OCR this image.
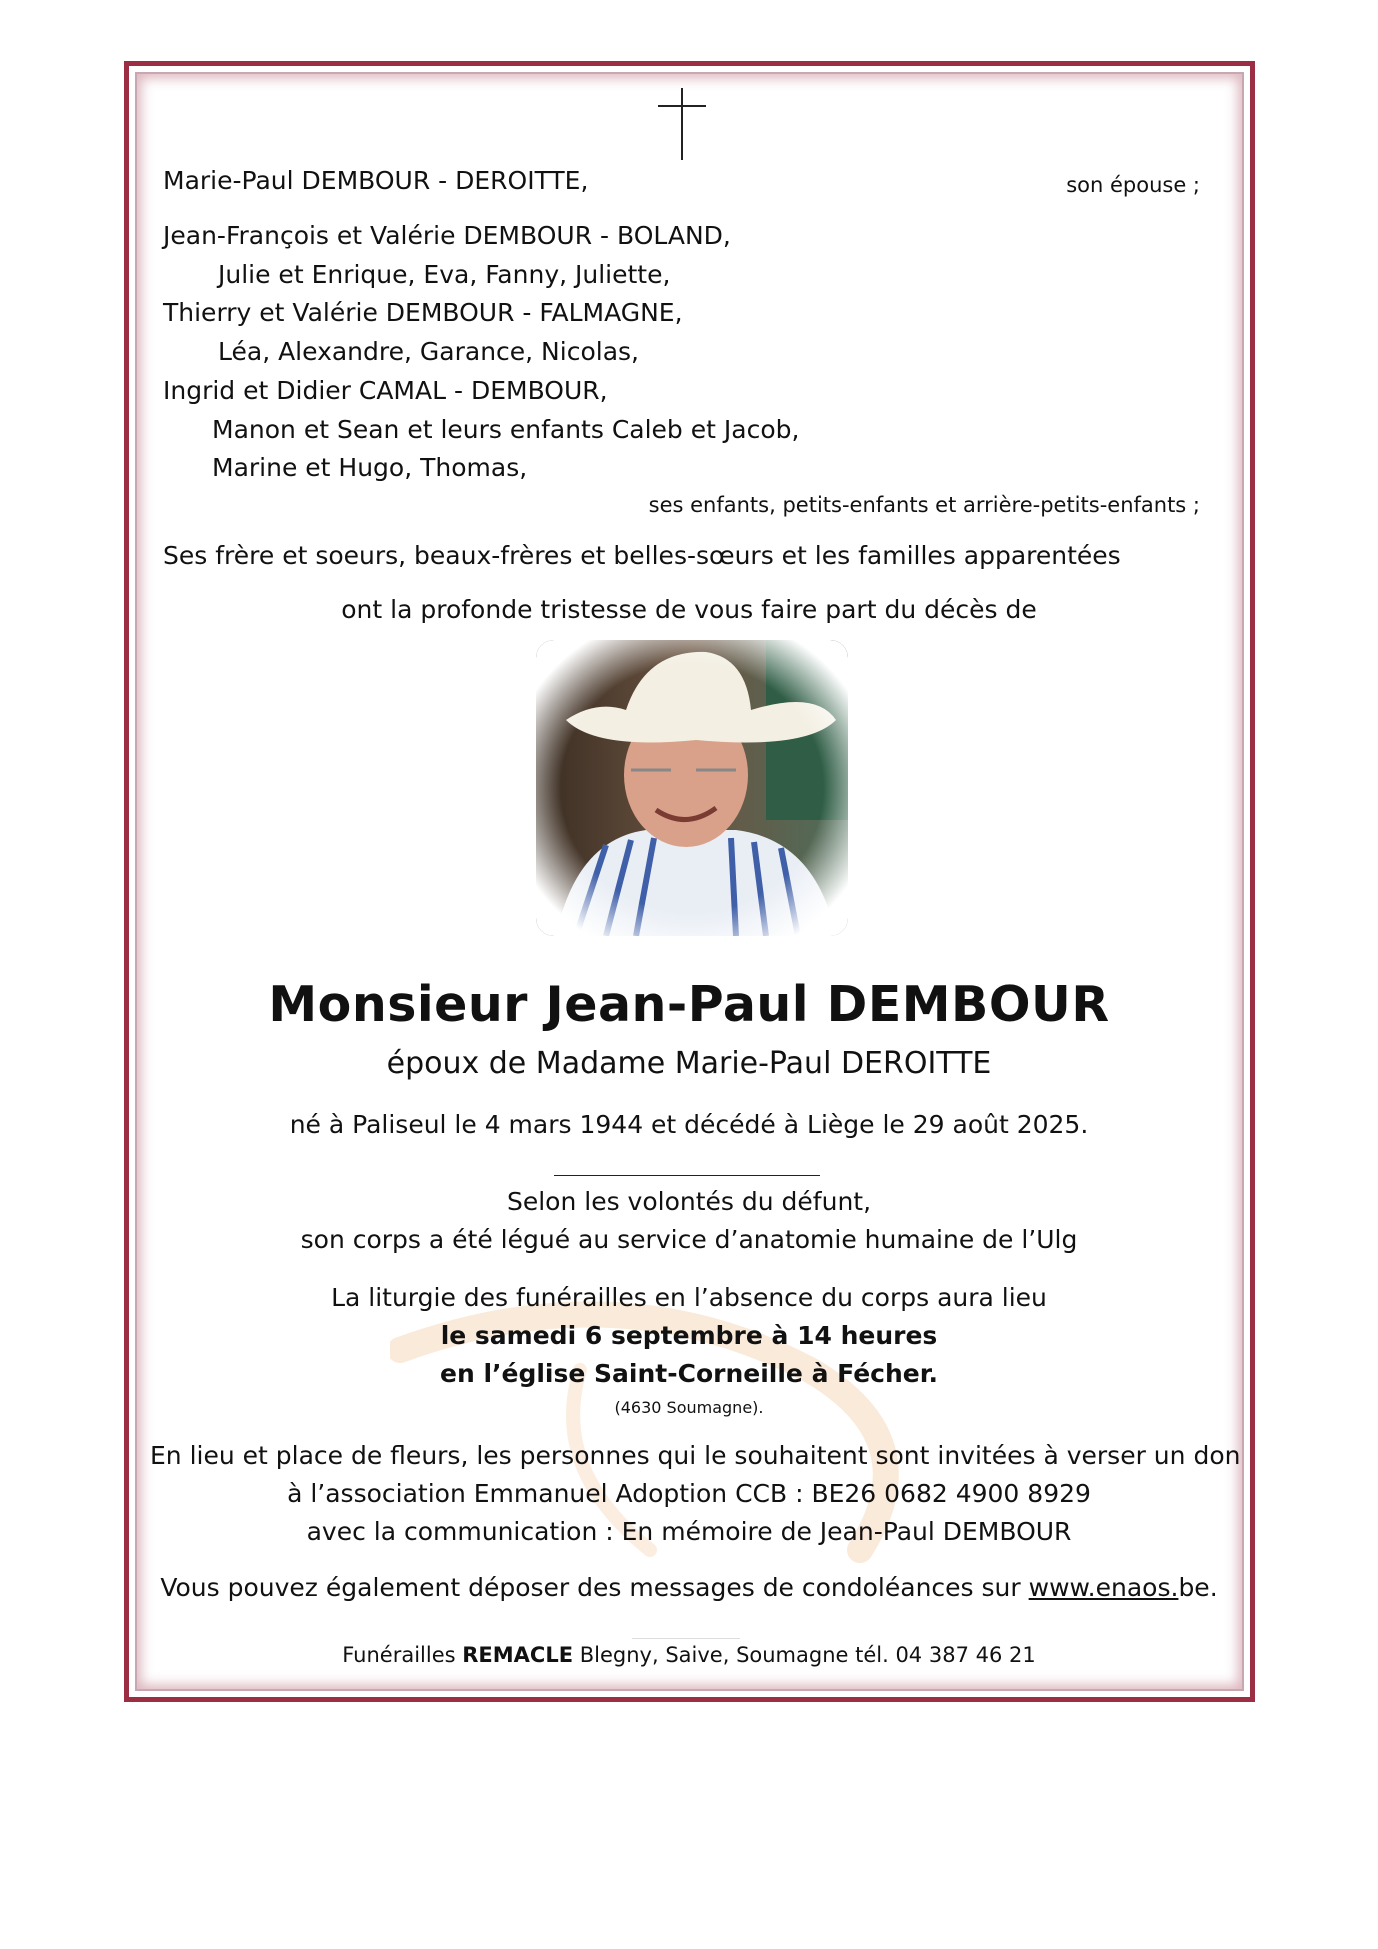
Marie-Paul DEMBOUR - DEROITTE,	son épouse ;
Jean-François et Valérie DEMBOUR - BOLAND,
Julie et Enrique, Eva, Fanny, Juliette,
Thierry et Valérie DEMBOUR - FALMAGNE,
Léa, Alexandre, Garance, Nicolas,
Ingrid et Didier CAMAL - DEMBOUR,
Manon et Sean et leurs enfants Caleb et Jacob,
Marine et Hugo, Thomas,
ses enfants, petits-enfants et arrière-petits-enfants ;
Ses frère et soeurs, beaux-frères et belles-sœurs et les familles apparentées
ont la profonde tristesse de vous faire part du décès de
Monsieur Jean-Paul DEMBOUR
époux de Madame Marie-Paul DEROITTE
né à Paliseul le 4 mars 1944 et décédé à Liège le 29 août 2025.
Selon les volontés du défunt,
son corps a été légué au service d’anatomie humaine de l’Ulg
La liturgie des funérailles en l’absence du corps aura lieu
le samedi 6 septembre à 14 heures
en l’église Saint-Corneille à Fécher.
(4630 Soumagne).
En lieu et place de fleurs, les personnes qui le souhaitent sont invitées à verser un don
à l’association Emmanuel Adoption CCB : BE26 0682 4900 8929
avec la communication : En mémoire de Jean-Paul DEMBOUR
Vous pouvez également déposer des messages de condoléances sur www.enaos.be.
Funérailles REMACLE Blegny, Saive, Soumagne tél. 04 387 46 21
